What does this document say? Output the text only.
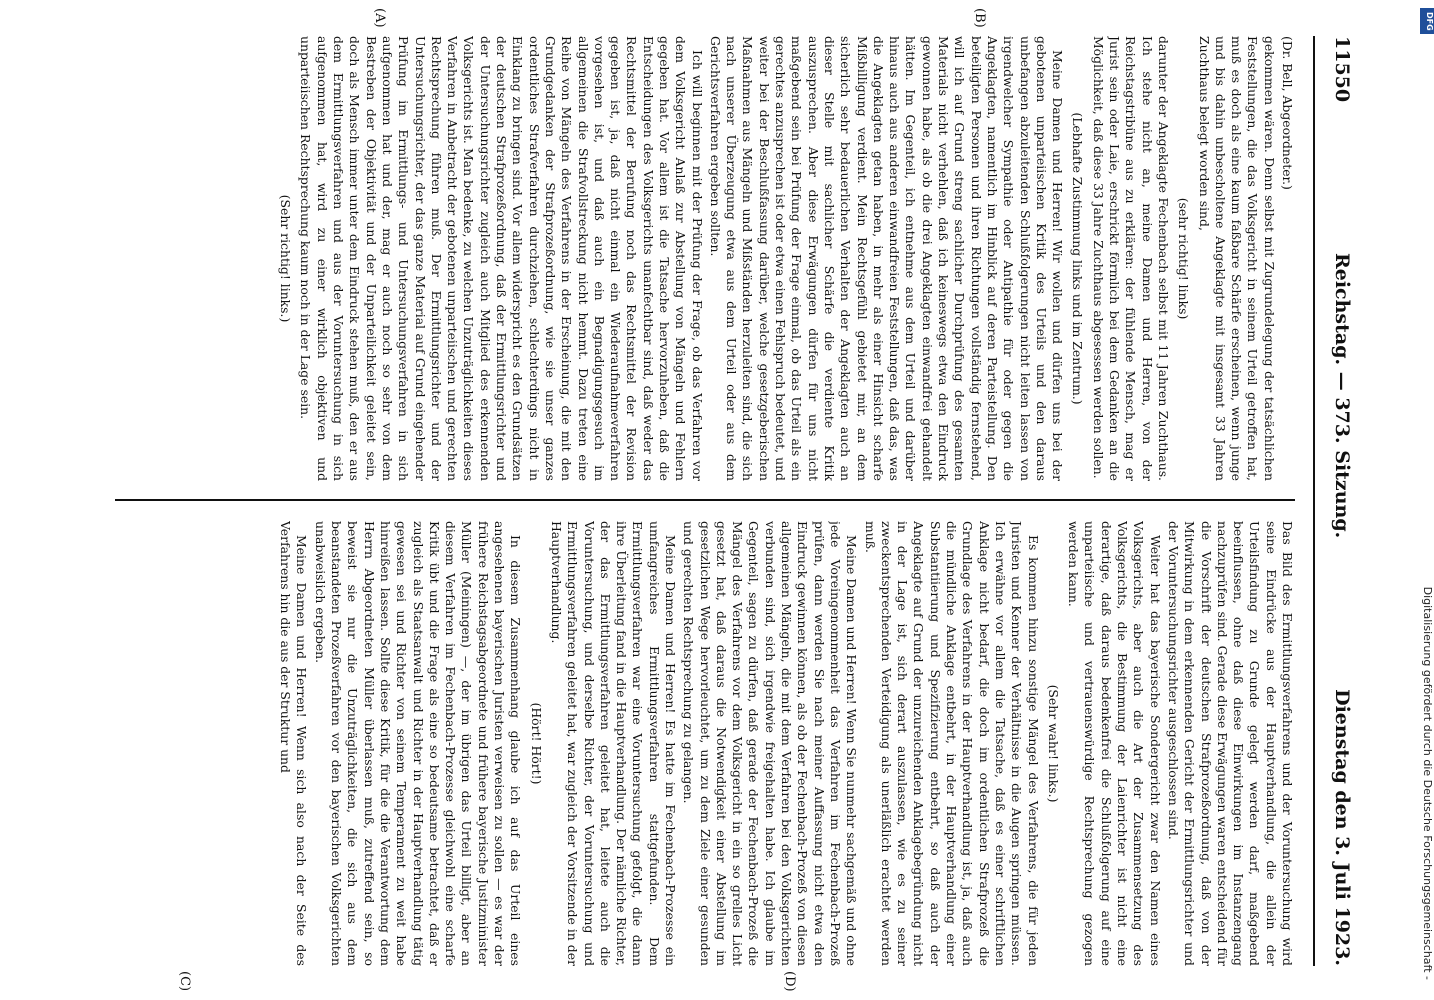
11550
Reichstag. — 373. Sitzung.
Dienstag den 3. Juli 1923.

(Dr. Bell, Abgeordneter.)

gekommen wären. Denn selbst mit Zugrundelegung der tatsächlichen Feststellungen, die das Volksgericht in seinem Urteil getroffen hat, muß es doch als eine kaum faßbare Schärfe erscheinen, wenn junge und bis dahin unbescholtene Angeklagte mit insgesamt 33 Jahren Zuchthaus belegt worden sind,

(sehr richtig! links)

darunter der Angeklagte Fechenbach selbst mit 11 Jahren Zuchthaus. Ich stehe nicht an, meine Damen und Herren, von der Reichstagstribüne aus zu erklären: der fühlende Mensch, mag er Jurist sein oder Laie, erschrickt förmlich bei dem Gedanken an die Möglichkeit, daß diese 33 Jahre Zuchthaus abgesessen werden sollen.

(Lebhafte Zustimmung links und im Zentrum.)

Meine Damen und Herren! Wir wollen und dürfen uns bei der gebotenen unparteiischen Kritik des Urteils und den daraus unbefangen abzuleitenden Schlußfolgerungen nicht leiten lassen von irgendwelcher Sympathie oder Antipathie für oder gegen die Angeklagten, namentlich im Hinblick auf deren Parteistellung. Den beteiligten Personen und ihren Richtungen vollständig fernstehend, will ich auf Grund streng sachlicher Durchprüfung des gesamten Materials nicht verhehlen, daß ich keineswegs etwa den Eindruck gewonnen habe, als ob die drei Angeklagten einwandfrei gehandelt hätten. Im Gegenteil, ich entnehme aus dem Urteil und darüber hinaus auch aus anderen einwandfreien Feststellungen, daß das, was die Angeklagten getan haben, in mehr als einer Hinsicht scharfe Mißbilligung verdient. Mein Rechtsgefühl gebietet mir, an dem sicherlich sehr bedauerlichen Verhalten der Angeklagten auch an dieser Stelle mit sachlicher Schärfe die verdiente Kritik auszusprechen. Aber diese Erwägungen dürfen für uns nicht maßgebend sein bei Prüfung der Frage einmal, ob das Urteil als ein gerechtes anzusprechen ist oder etwa einen Fehlspruch bedeutet, und weiter bei der Beschlußfassung darüber, welche gesetzgeberischen Maßnahmen aus Mängeln und Mißständen herzuleiten sind, die sich nach unserer Überzeugung etwa aus dem Urteil oder aus dem Gerichtsverfahren ergeben sollten.

Ich will beginnen mit der Prüfung der Frage, ob das Verfahren vor dem Volksgericht Anlaß zur Abstellung von Mängeln und Fehlern gegeben hat. Vor allem ist die Tatsache hervorzuheben, daß die Entscheidungen des Volksgerichts unanfechtbar sind, daß weder das Rechtsmittel der Berufung noch das Rechtsmittel der Revision gegeben ist, ja, daß nicht einmal ein Wiederaufnahmeverfahren vorgesehen ist, und daß auch ein Begnadigungsgesuch im allgemeinen die Strafvollstreckung nicht hemmt. Dazu treten eine Reihe von Mängeln des Verfahrens in der Erscheinung, die mit den Grundgedanken der Strafprozeßordnung, wie sie unser ganzes ordentliches Strafverfahren durchziehen, schlechterdings nicht in Einklang zu bringen sind. Vor allem widerspricht es den Grundsätzen der deutschen Strafprozeßordnung, daß der Ermittlungsrichter und der Untersuchungsrichter zugleich auch Mitglied des erkennenden Volksgerichts ist. Man bedenke, zu welchen Unzuträglichkeiten dieses Verfahren in Anbetracht der gebotenen unparteiischen und gerechten Rechtsprechung führen muß. Der Ermittlungsrichter und der Untersuchungsrichter, der das ganze Material auf Grund eingehender Prüfung im Ermittlungs- und Untersuchungsverfahren in sich aufgenommen hat und der, mag er auch noch so sehr von dem Bestreben der Objektivität und der Unparteilichkeit geleitet sein, doch als Mensch immer unter dem Eindruck stehen muß, den er aus dem Ermittlungsverfahren und aus der Voruntersuchung in sich aufgenommen hat, wird zu einer wirklich objektiven und unparteiischen Rechtsprechung kaum noch in der Lage sein.

(Sehr richtig! links.)

Das Bild des Ermittlungsverfahrens und der Voruntersuchung wird seine Eindrücke aus der Hauptverhandlung, die allein der Urteilsfindung zu Grunde gelegt werden darf, maßgebend beeinflussen, ohne daß diese Einwirkungen im Instanzengang nachzuprüfen sind. Gerade diese Erwägungen waren entscheidend für die Vorschrift der deutschen Strafprozeßordnung, daß von der Mitwirkung in dem erkennenden Gericht der Ermittlungsrichter und der Voruntersuchungsrichter ausgeschlossen sind.

Weiter hat das bayerische Sondergericht zwar den Namen eines Volksgerichts, aber auch die Art der Zusammensetzung des Volksgerichts, die Bestimmung der Laienrichter ist nicht eine derartige, daß daraus bedenkenfrei die Schlußfolgerung auf eine unparteiische und vertrauenswürdige Rechtsprechung gezogen werden kann.

(Sehr wahr! links.)

Es kommen hinzu sonstige Mängel des Verfahrens, die für jeden Juristen und Kenner der Verhältnisse in die Augen springen müssen. Ich erwähne vor allem die Tatsache, daß es einer schriftlichen Anklage nicht bedarf, die doch im ordentlichen Strafprozeß die Grundlage des Verfahrens in der Hauptverhandlung ist, ja, daß auch die mündliche Anklage entbehrt, in der Hauptverhandlung einer Substantiierung und Spezifizierung entbehrt, so daß auch der Angeklagte auf Grund der unzureichenden Anklagebegründung nicht in der Lage ist, sich derart auszulassen, wie es zu seiner zweckentsprechenden Verteidigung als unerläßlich erachtet werden muß.

Meine Damen und Herren! Wenn Sie nunmehr sachgemäß und ohne jede Voreingenommenheit das Verfahren im Fechenbach-Prozeß prüfen, dann werden Sie nach meiner Auffassung nicht etwa den Eindruck gewinnen können, als ob der Fechenbach-Prozeß von diesen allgemeinen Mängeln, die mit dem Verfahren bei den Volksgerichten verbunden sind, sich irgendwie freigehalten habe. Ich glaube im Gegenteil, sagen zu dürfen, daß gerade der Fechenbach-Prozeß die Mängel des Verfahrens vor dem Volksgericht in ein so grelles Licht gesetzt hat, daß daraus die Notwendigkeit einer Abstellung im gesetzlichen Wege hervorleuchtet, um zu dem Ziele einer gesunden und gerechten Rechtsprechung zu gelangen.

Meine Damen und Herren! Es hatte im Fechenbach-Prozesse ein umfangreiches Ermittlungsverfahren stattgefunden. Dem Ermittlungsverfahren war eine Voruntersuchung gefolgt, die dann ihre Überleitung fand in die Hauptverhandlung. Der nämliche Richter, der das Ermittlungsverfahren geleitet hat, leitete auch die Voruntersuchung, und derselbe Richter, der Voruntersuchung und Ermittlungsverfahren geleitet hat, war zugleich der Vorsitzende in der Hauptverhandlung.

(Hört! Hört!)

In diesem Zusammenhang glaube ich auf das Urteil eines angesehenen bayerischen Juristen verweisen zu sollen — es war der frühere Reichstagsabgeordnete und frühere bayerische Justizminister Müller (Meiningen) —, der im übrigen das Urteil billigt, aber an diesem Verfahren im Fechenbach-Prozesse gleichwohl eine scharfe Kritik übt und die Frage als eine so bedeutsame betrachtet, daß er zugleich als Staatsanwalt und Richter in der Hauptverhandlung tätig gewesen sei und Richter von seinem Temperament zu weit habe hinreißen lassen. Sollte diese Kritik, für die die Verantwortung dem Herrn Abgeordneten Müller überlassen muß, zutreffend sein, so beweist sie nur die Unzuträglichkeiten, die sich aus dem beanstandeten Prozeßverfahren vor den bayerischen Volksgerichten unabweislich ergeben.

Meine Damen und Herren! Wenn sich also nach der Seite des Verfahrens hin die aus der Struktur und

(A)	(B)
(C)	(D)
DFG
Digitalisierung gefördert durch die Deutsche Forschungsgemeinschaft -
